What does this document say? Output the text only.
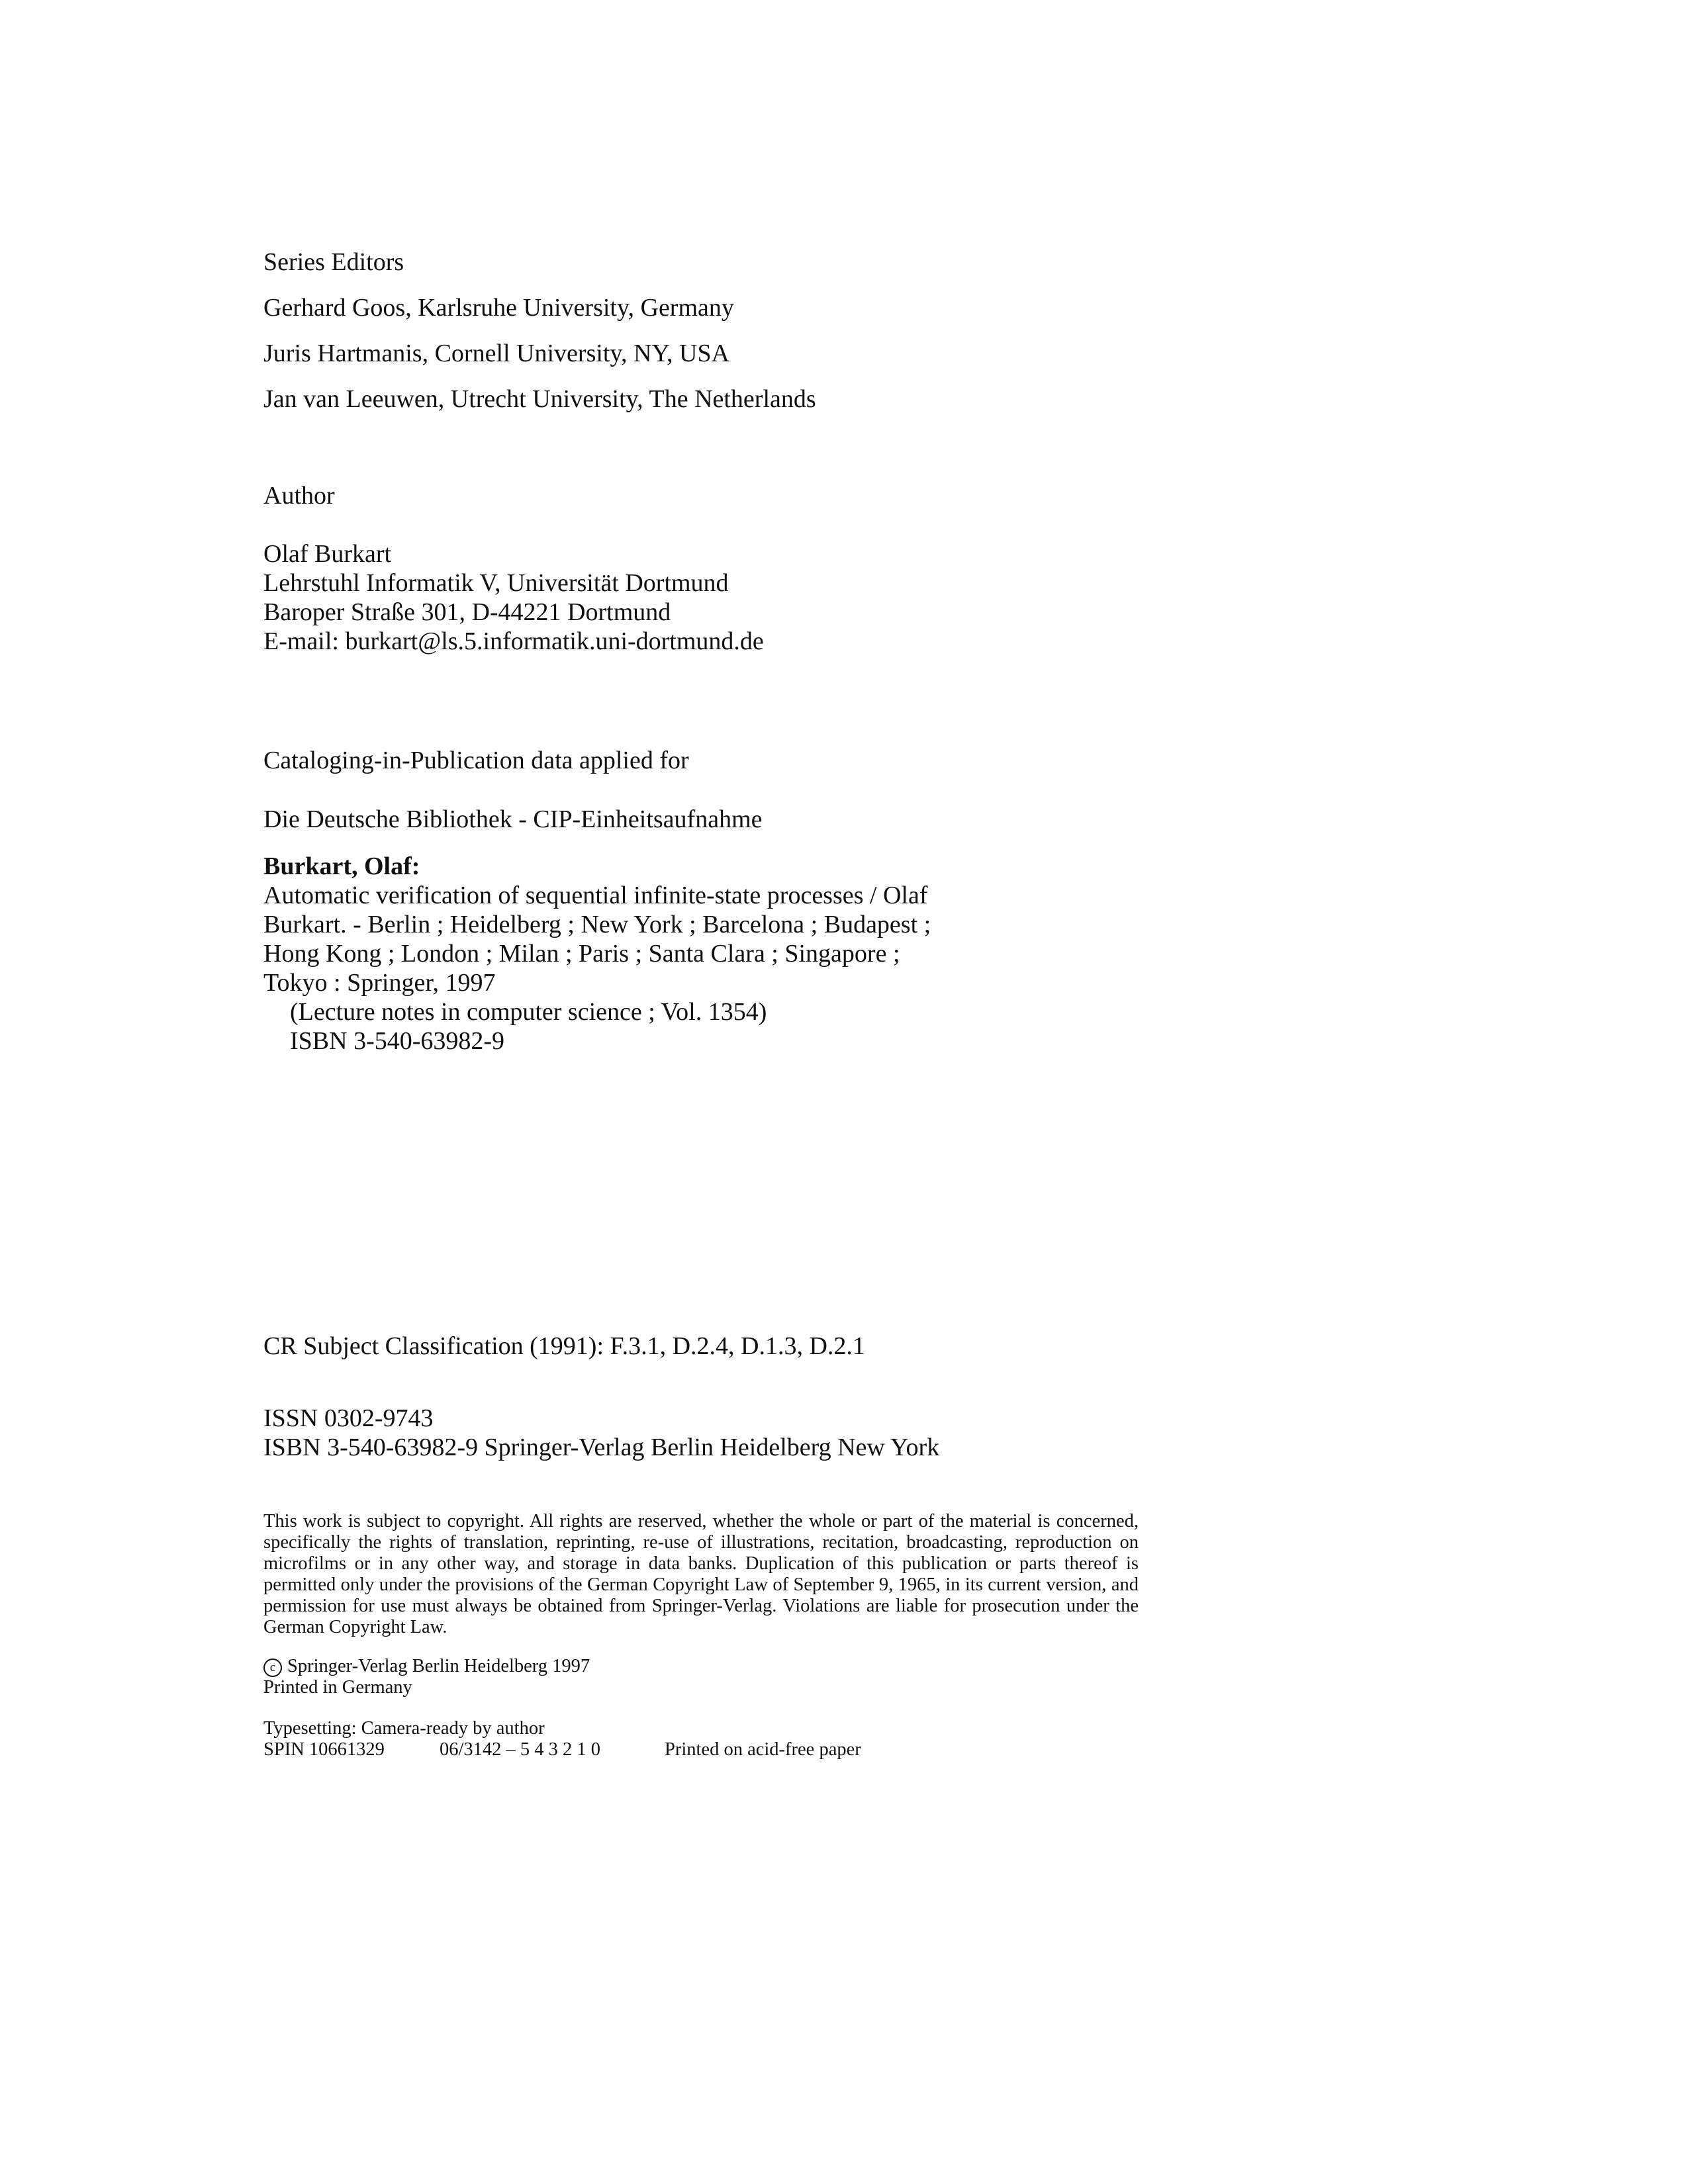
Series Editors

Gerhard Goos, Karlsruhe University, Germany

Juris Hartmanis, Cornell University, NY, USA

Jan van Leeuwen, Utrecht University, The Netherlands

Author

Olaf Burkart

Lehrstuhl Informatik V, Universität Dortmund

Baroper Straße 301, D-44221 Dortmund

E-mail: burkart@ls.5.informatik.uni-dortmund.de

Cataloging-in-Publication data applied for

Die Deutsche Bibliothek - CIP-Einheitsaufnahme

Burkart, Olaf:

Automatic verification of sequential infinite-state processes / Olaf

Burkart. - Berlin ; Heidelberg ; New York ; Barcelona ; Budapest ;

Hong Kong ; London ; Milan ; Paris ; Santa Clara ; Singapore ;

Tokyo : Springer, 1997

(Lecture notes in computer science ; Vol. 1354)

ISBN 3-540-63982-9

CR Subject Classification (1991): F.3.1, D.2.4, D.1.3, D.2.1

ISSN 0302-9743

ISBN 3-540-63982-9 Springer-Verlag Berlin Heidelberg New York

This work is subject to copyright. All rights are reserved, whether the whole or part of the material is concerned, specifically the rights of translation, reprinting, re-use of illustrations, recitation, broadcasting, reproduction on microfilms or in any other way, and storage in data banks. Duplication of this publication or parts thereof is permitted only under the provisions of the German Copyright Law of September 9, 1965, in its current version, and permission for use must always be obtained from Springer-Verlag. Violations are liable for prosecution under the German Copyright Law.

c Springer-Verlag Berlin Heidelberg 1997

Printed in Germany

Typesetting: Camera-ready by author

SPIN 10661329	06/3142 – 5 4 3 2 1 0	Printed on acid-free paper
